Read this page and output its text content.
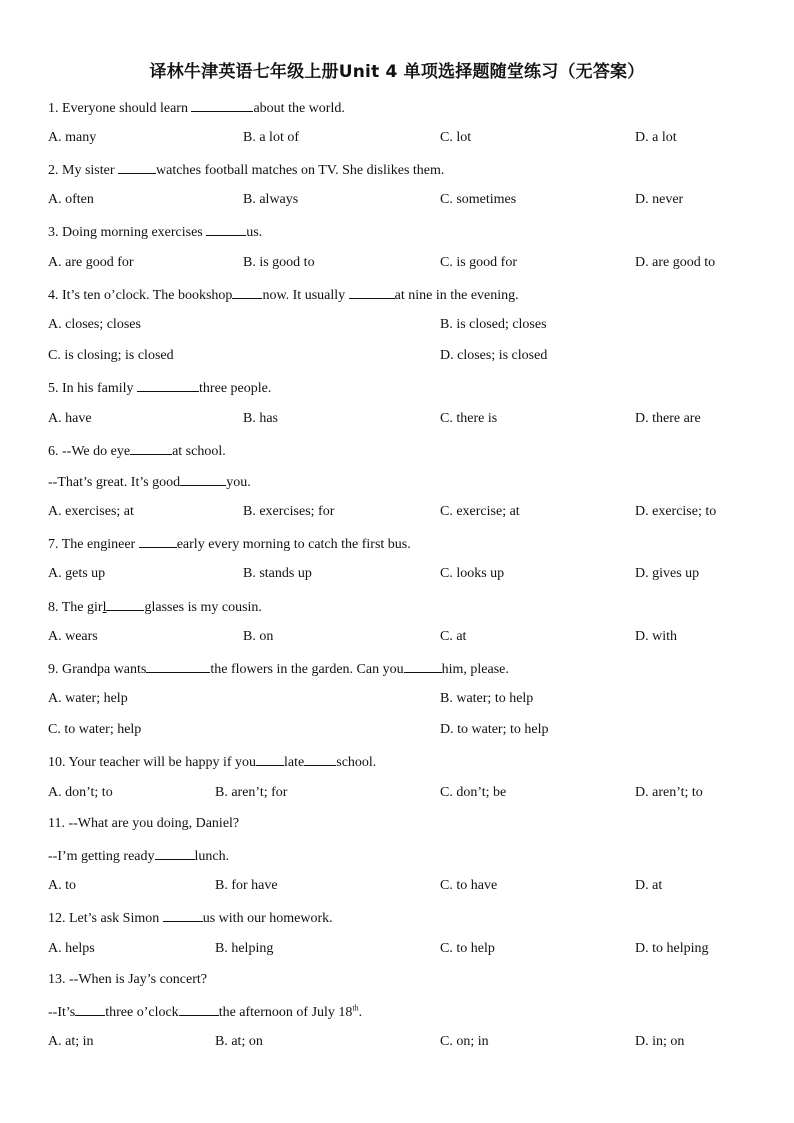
译林牛津英语七年级上册Unit 4 单项选择题随堂练习（无答案）
1. Everyone should learn	about the world.
A. many	B. a lot of	C. lot	D. a lot
2. My sister	watches football matches on TV. She dislikes them.
A. often	B. always	C. sometimes	D. never
3. Doing morning exercises	us.
A. are good for	B. is good to	C. is good for	D. are good to
4. It’s ten o’clock. The bookshop now. It usually	at nine in the evening.
A. closes; closes	B. is closed; closes
C. is closing; is closed	D. closes; is closed
5. In his family	three people.
A. have	B. has	C. there is	D. there are
6. --We do eye	at school.
--That’s great. It’s good	you.
A. exercises; at	B. exercises; for	C. exercise; at	D. exercise; to
7. The engineer	early every morning to catch the first bus.
A. gets up	B. stands up	C. looks up	D. gives up
8. The girl	glasses is my cousin.
A. wears	B. on	C. at	D. with
9. Grandpa wants	the flowers in the garden. Can you	him, please.
A. water; help	B. water; to help
C. to water; help	D. to water; to help
10. Your teacher will be happy if you late school.
A. don’t; to	B. aren’t; for	C. don’t; be	D. aren’t; to
11. --What are you doing, Daniel?
--I’m getting ready	lunch.
A. to	B. for have	C. to have	D. at
12. Let’s ask Simon	us with our homework.
A. helps	B. helping	C. to help	D. to helping
13. --When is Jay’s concert?
--It’s three o’clock	the afternoon of July 18th.
A. at; in	B. at; on	C. on; in	D. in; on
